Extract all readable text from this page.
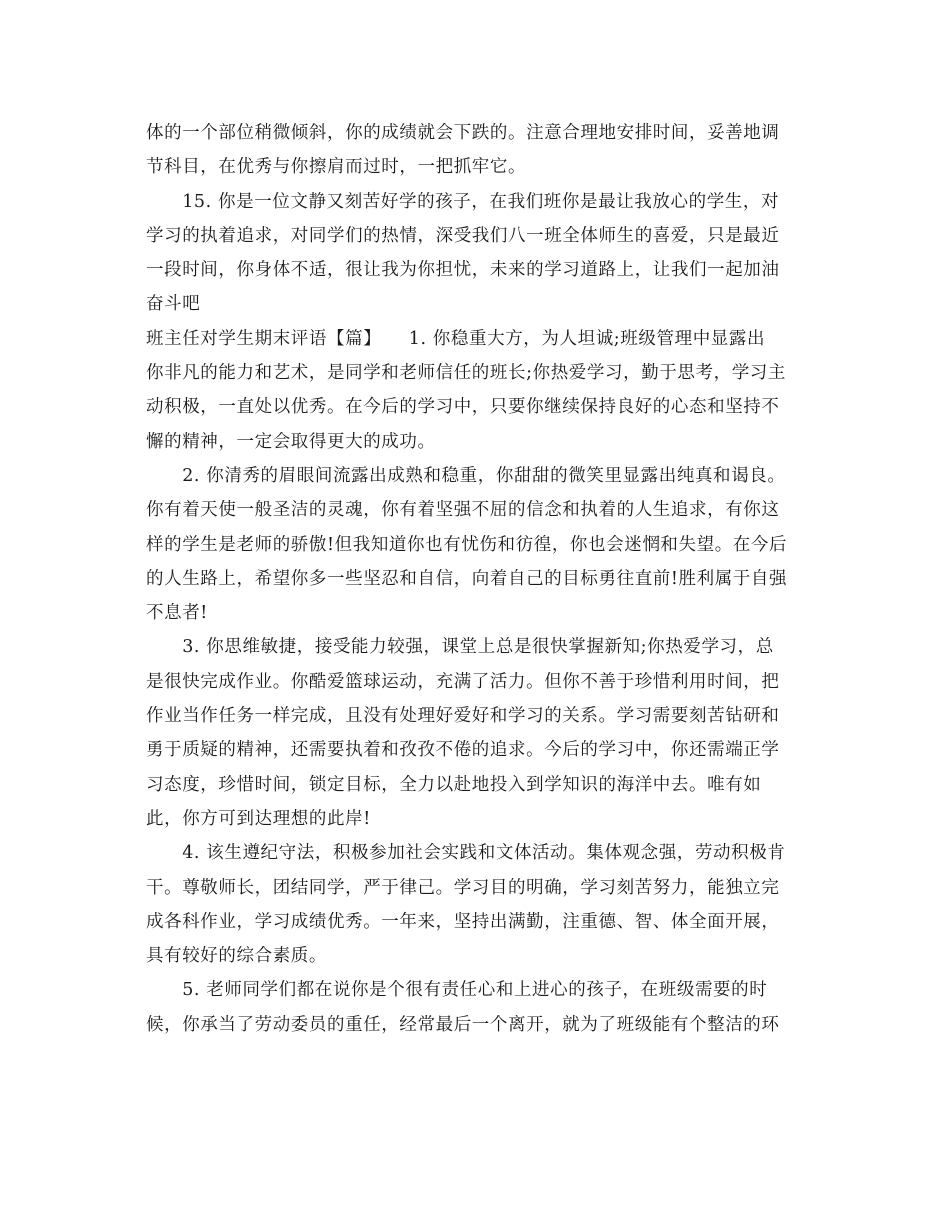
体的一个部位稍微倾斜，你的成绩就会下跌的。注意合理地安排时间，妥善地调
节科目，在优秀与你擦肩而过时，一把抓牢它。
　　15. 你是一位文静又刻苦好学的孩子，在我们班你是最让我放心的学生，对
学习的执着追求，对同学们的热情，深受我们八一班全体师生的喜爱，只是最近
一段时间，你身体不适，很让我为你担忧，未来的学习道路上，让我们一起加油
奋斗吧
班主任对学生期末评语【篇】　　1. 你稳重大方，为人坦诚;班级管理中显露出
你非凡的能力和艺术，是同学和老师信任的班长;你热爱学习，勤于思考，学习主
动积极，一直处以优秀。在今后的学习中，只要你继续保持良好的心态和坚持不
懈的精神，一定会取得更大的成功。
　　2. 你清秀的眉眼间流露出成熟和稳重，你甜甜的微笑里显露出纯真和谒良。
你有着天使一般圣洁的灵魂，你有着坚强不屈的信念和执着的人生追求，有你这
样的学生是老师的骄傲!但我知道你也有忧伤和彷徨，你也会迷惘和失望。在今后
的人生路上，希望你多一些坚忍和自信，向着自己的目标勇往直前!胜利属于自强
不息者!
　　3. 你思维敏捷，接受能力较强，课堂上总是很快掌握新知;你热爱学习，总
是很快完成作业。你酷爱篮球运动，充满了活力。但你不善于珍惜利用时间，把
作业当作任务一样完成，且没有处理好爱好和学习的关系。学习需要刻苦钻研和
勇于质疑的精神，还需要执着和孜孜不倦的追求。今后的学习中，你还需端正学
习态度，珍惜时间，锁定目标，全力以赴地投入到学知识的海洋中去。唯有如
此，你方可到达理想的此岸!
　　4. 该生遵纪守法，积极参加社会实践和文体活动。集体观念强，劳动积极肯
干。尊敬师长，团结同学，严于律己。学习目的明确，学习刻苦努力，能独立完
成各科作业，学习成绩优秀。一年来，坚持出满勤，注重德、智、体全面开展，
具有较好的综合素质。
　　5. 老师同学们都在说你是个很有责任心和上进心的孩子，在班级需要的时
候，你承当了劳动委员的重任，经常最后一个离开，就为了班级能有个整洁的环
